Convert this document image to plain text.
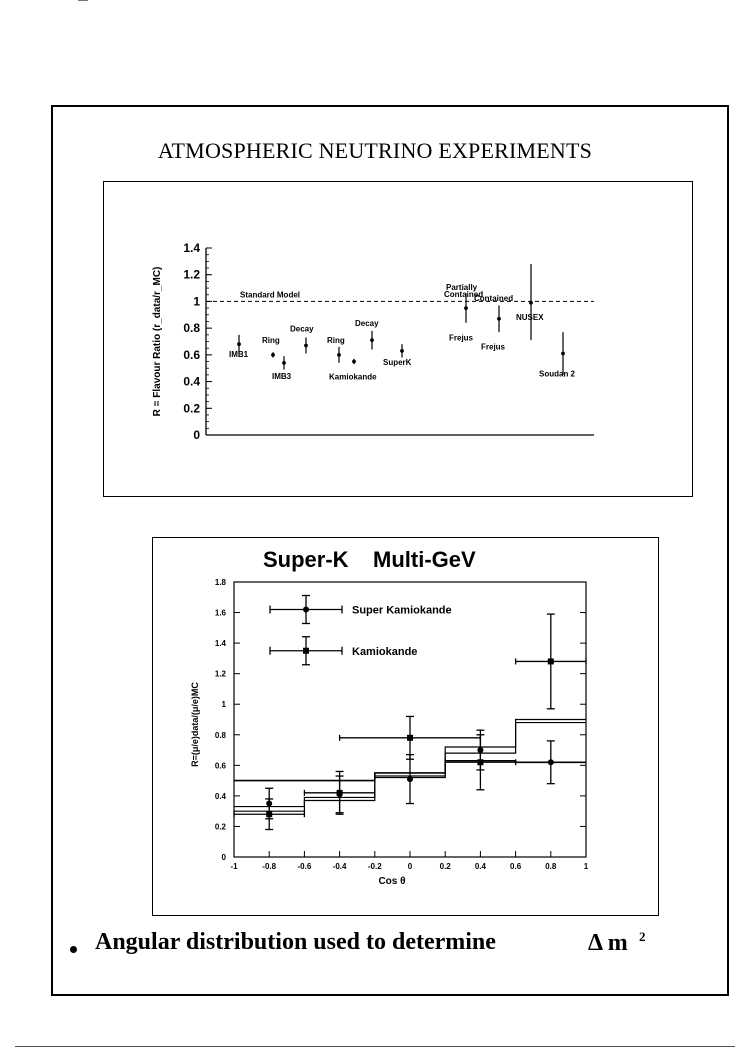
ATMOSPHERIC NEUTRINO EXPERIMENTS
0
0.2
0.4
0.6
0.8
1
1.2
1.4
R = Flavour Ratio (r_data/r_MC)	Standard Model
IMB1
Ring
IMB3
Decay
Ring
Kamiokande
Decay
SuperK
Partially
Contained
Frejus
Contained
Frejus
NUSEX
Soudan 2
Super-K    Multi-GeV
0
0.2
0.4
0.6
0.8
1
1.2
1.4
1.6
1.8
-1	-0.8	-0.6	-0.4	-0.2	0	0.2	0.4	0.6	0.8	1
Cos θ
R=(μ/e)data/(μ/e)MC
Super Kamiokande
Kamiokande
Angular distribution used to determine	Δ m 2
